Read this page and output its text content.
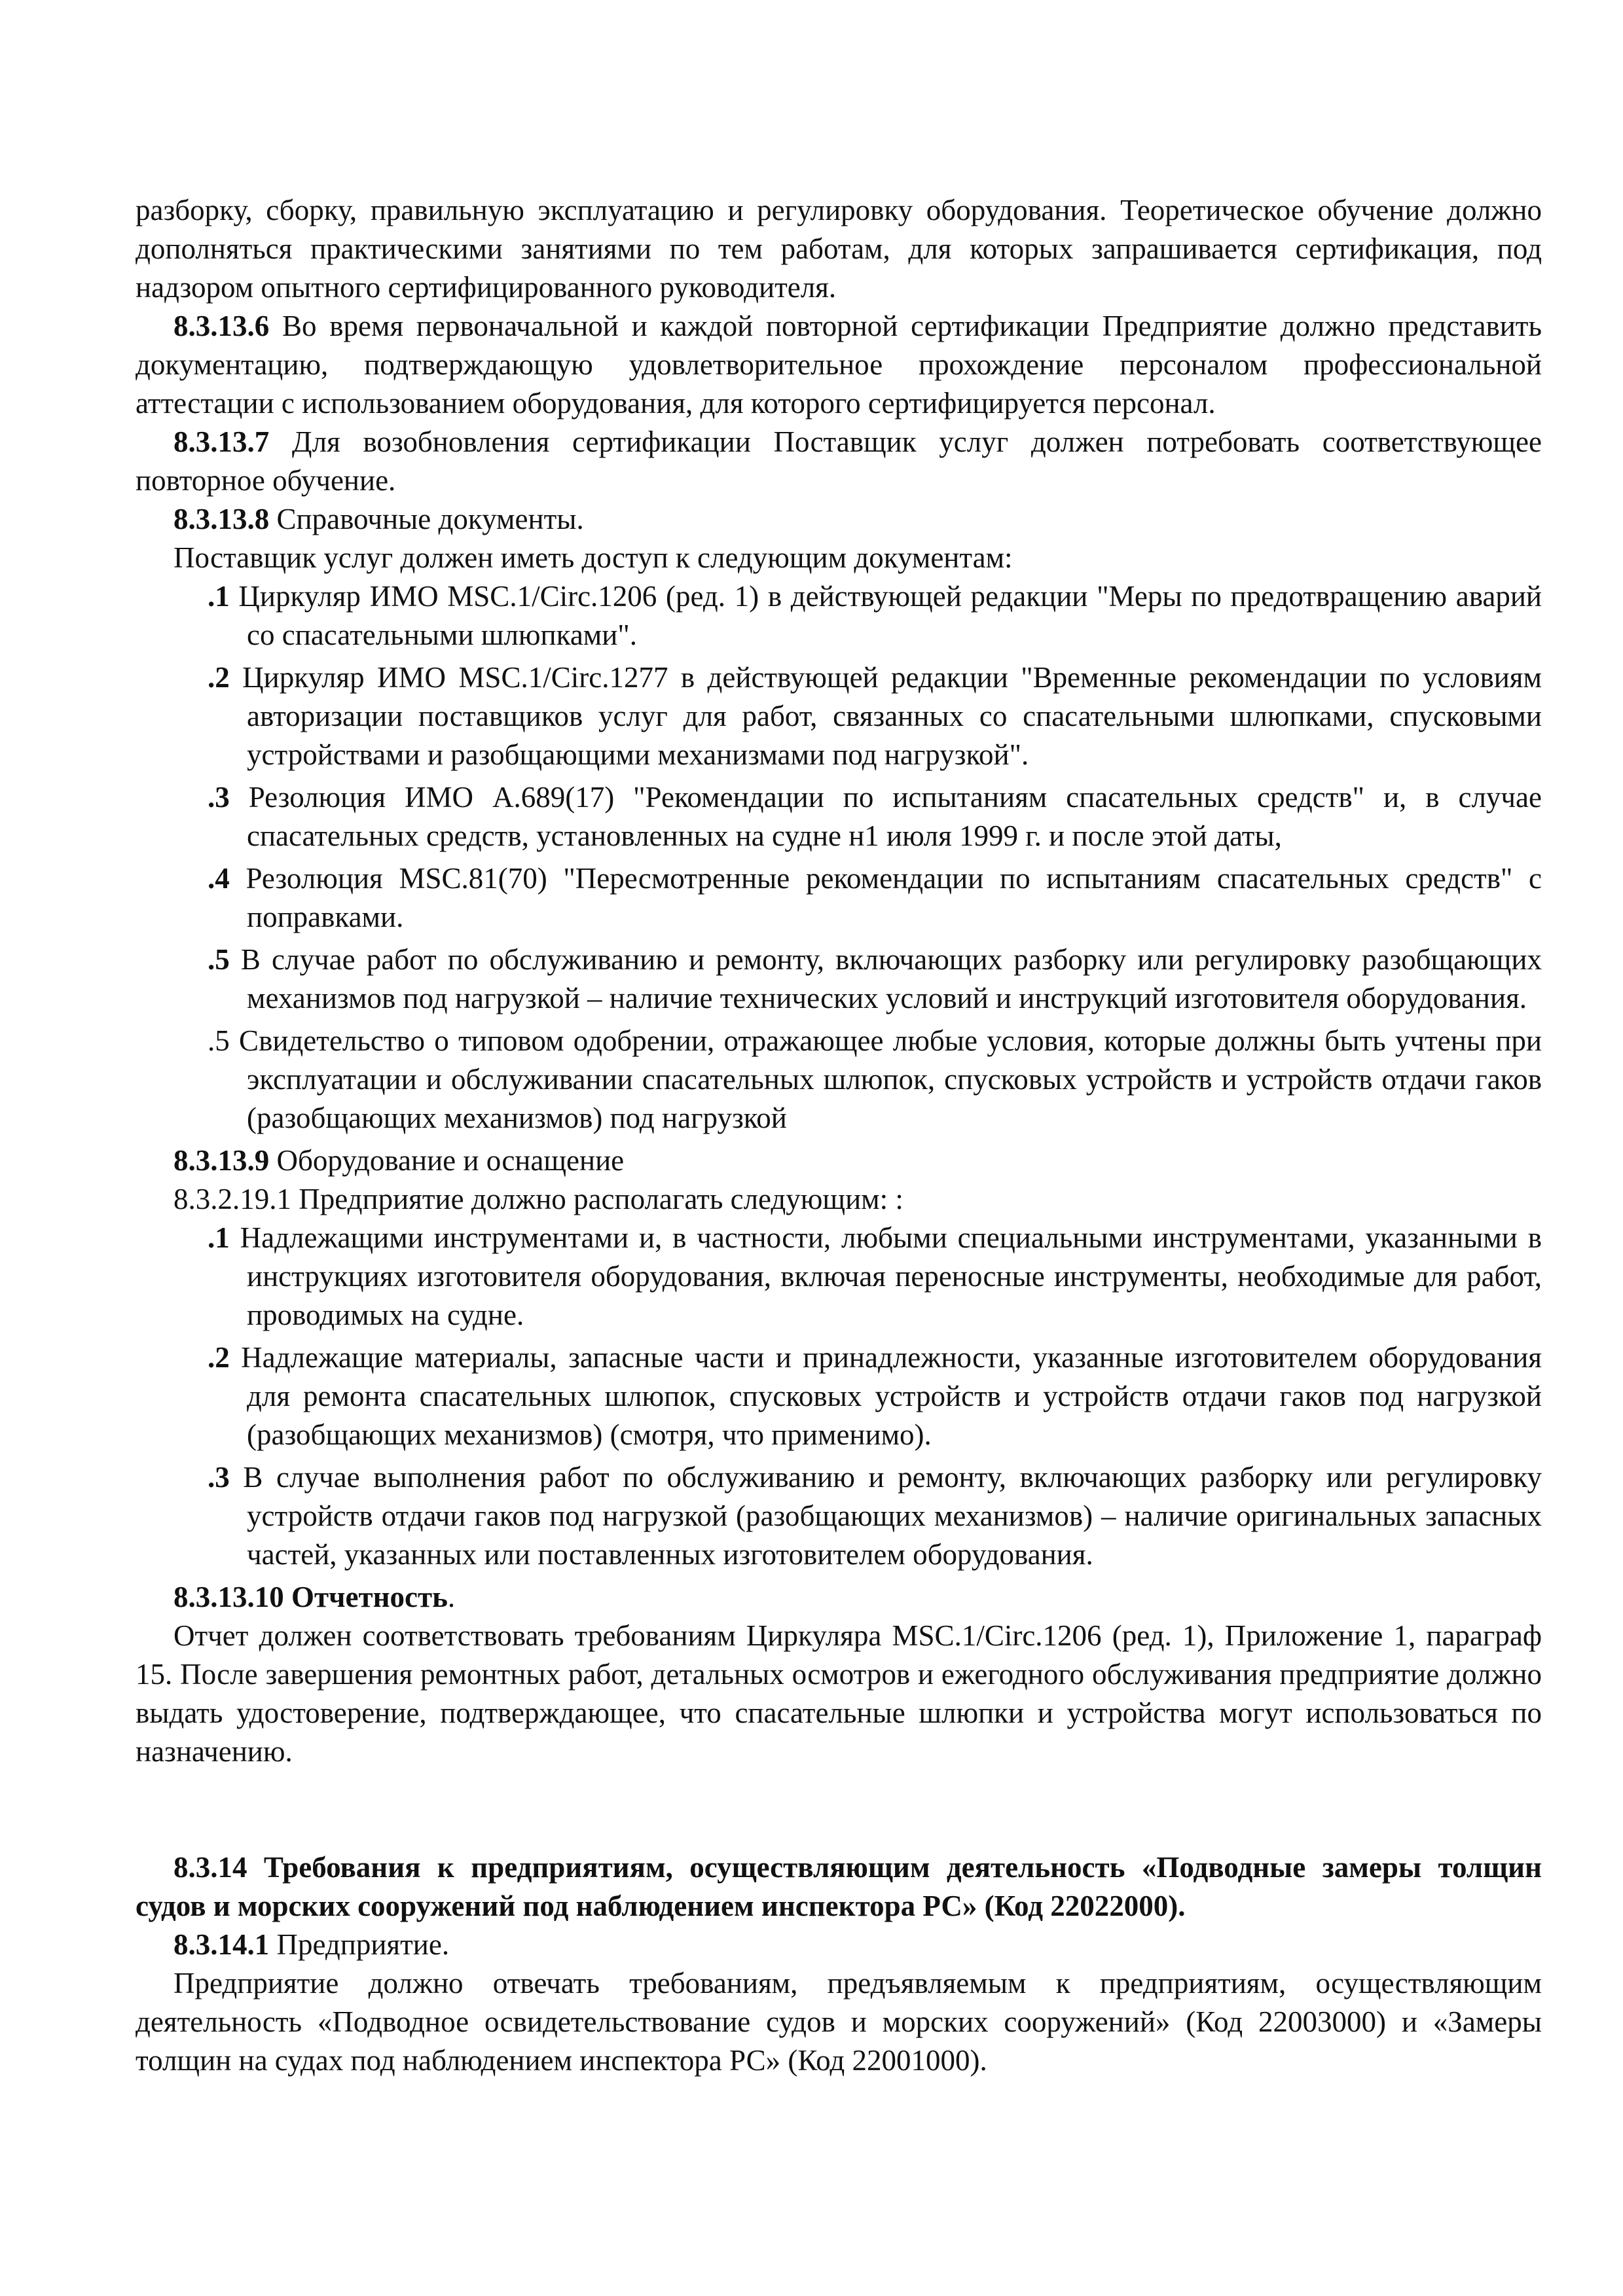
разборку, сборку, правильную эксплуатацию и регулировку оборудования. Теоретическое обучение должно дополняться практическими занятиями по тем работам, для которых запрашивается сертификация, под надзором опытного сертифицированного руководителя.

8.3.13.6 Во время первоначальной и каждой повторной сертификации Предприятие должно представить документацию, подтверждающую удовлетворительное прохождение персоналом профессиональной аттестации с использованием оборудования, для которого сертифицируется персонал.

8.3.13.7 Для возобновления сертификации Поставщик услуг должен потребовать соответствующее повторное обучение.

8.3.13.8 Справочные документы.

Поставщик услуг должен иметь доступ к следующим документам:

.1 Циркуляр ИМО MSC.1/Circ.1206 (ред. 1) в действующей редакции "Меры по предотвращению аварий со спасательными шлюпками".
.2 Циркуляр ИМО MSC.1/Circ.1277 в действующей редакции "Временные рекомендации по условиям авторизации поставщиков услуг для работ, связанных со спасательными шлюпками, спусковыми устройствами и разобщающими механизмами под нагрузкой".
.3 Резолюция ИМО A.689(17) "Рекомендации по испытаниям спасательных средств" и, в случае спасательных средств, установленных на судне н1 июля 1999 г. и после этой даты,
.4 Резолюция MSC.81(70) "Пересмотренные рекомендации по испытаниям спасательных средств" с поправками.
.5 В случае работ по обслуживанию и ремонту, включающих разборку или регулировку разобщающих механизмов под нагрузкой – наличие технических условий и инструкций изготовителя оборудования.
.5 Свидетельство о типовом одобрении, отражающее любые условия, которые должны быть учтены при эксплуатации и обслуживании спасательных шлюпок, спусковых устройств и устройств отдачи гаков (разобщающих механизмов) под нагрузкой

8.3.13.9 Оборудование и оснащение

8.3.2.19.1 Предприятие должно располагать следующим: :

.1 Надлежащими инструментами и, в частности, любыми специальными инструментами, указанными в инструкциях изготовителя оборудования, включая переносные инструменты, необходимые для работ, проводимых на судне.
.2 Надлежащие материалы, запасные части и принадлежности, указанные изготовителем оборудования для ремонта спасательных шлюпок, спусковых устройств и устройств отдачи гаков под нагрузкой (разобщающих механизмов) (смотря, что применимо).
.3 В случае выполнения работ по обслуживанию и ремонту, включающих разборку или регулировку устройств отдачи гаков под нагрузкой (разобщающих механизмов) – наличие оригинальных запасных частей, указанных или поставленных изготовителем оборудования.

8.3.13.10 Отчетность.

Отчет должен соответствовать требованиям Циркуляра MSC.1/Circ.1206 (ред. 1), Приложение 1, параграф 15. После завершения ремонтных работ, детальных осмотров и ежегодного обслуживания предприятие должно выдать удостоверение, подтверждающее, что спасательные шлюпки и устройства могут использоваться по назначению.

8.3.14 Требования к предприятиям, осуществляющим деятельность «Подводные замеры толщин судов и морских сооружений под наблюдением инспектора РС» (Код 22022000).

8.3.14.1 Предприятие.

Предприятие должно отвечать требованиям, предъявляемым к предприятиям, осуществляющим деятельность «Подводное освидетельствование судов и морских сооружений» (Код 22003000) и «Замеры толщин на судах под наблюдением инспектора РС» (Код 22001000).
